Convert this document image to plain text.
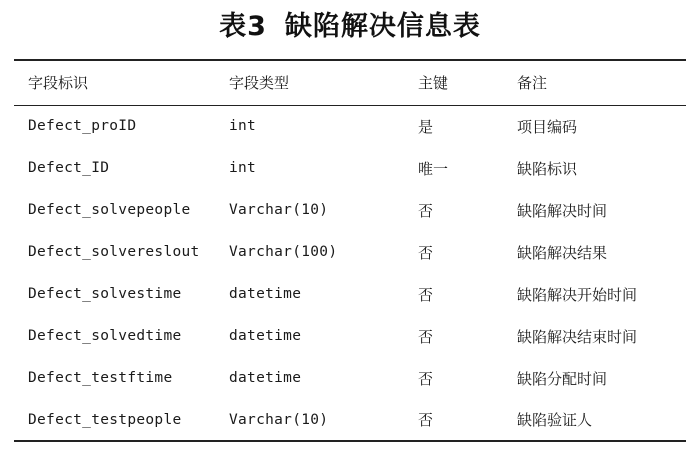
表3 缺陷解决信息表
字段标识	字段类型	主键	备注
Defect_proID	int	是	项目编码
Defect_ID	int	唯一	缺陷标识
Defect_solvepeople	Varchar(10)	否	缺陷解决时间
Defect_solvereslout	Varchar(100)	否	缺陷解决结果
Defect_solvestime	datetime	否	缺陷解决开始时间
Defect_solvedtime	datetime	否	缺陷解决结束时间
Defect_testftime	datetime	否	缺陷分配时间
Defect_testpeople	Varchar(10)	否	缺陷验证人
